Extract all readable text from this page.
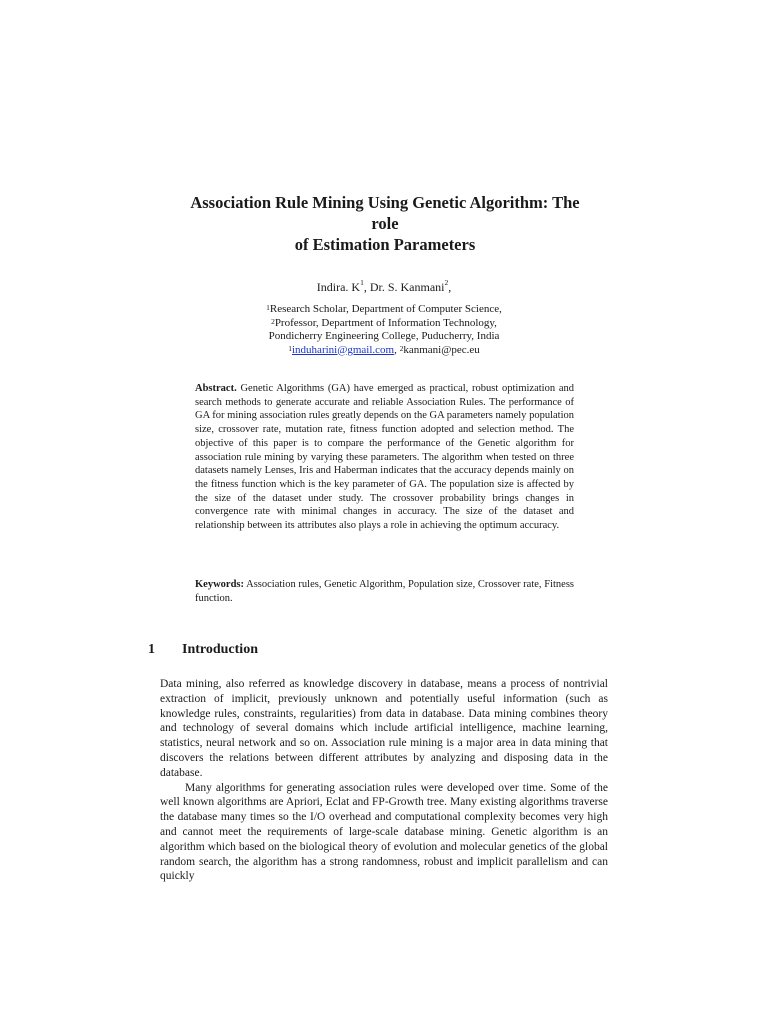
Association Rule Mining Using Genetic Algorithm: The
role
of Estimation Parameters
Indira. $K^1$, Dr. S. Kanmani$^2$,
$^1$Research Scholar, Department of Computer Science,
$^2$Professor, Department of Information Technology,
Pondicherry Engineering College, Puducherry, India
$^1$induharini@gmail.com, $^2$kanmani@pec.eu
Abstract. Genetic Algorithms (GA) have emerged as practical, robust optimization and search methods to generate accurate and reliable Association Rules. The performance of GA for mining association rules greatly depends on the GA parameters namely population size, crossover rate, mutation rate, fitness function adopted and selection method. The objective of this paper is to compare the performance of the Genetic algorithm for association rule mining by varying these parameters. The algorithm when tested on three datasets namely Lenses, Iris and Haberman indicates that the accuracy depends mainly on the fitness function which is the key parameter of GA. The population size is affected by the size of the dataset under study. The crossover probability brings changes in convergence rate with minimal changes in accuracy. The size of the dataset and relationship between its attributes also plays a role in achieving the optimum accuracy.
Keywords: Association rules, Genetic Algorithm, Population size, Crossover rate, Fitness function.
1 Introduction

Data mining, also referred as knowledge discovery in database, means a process of nontrivial extraction of implicit, previously unknown and potentially useful information (such as knowledge rules, constraints, regularities) from data in database. Data mining combines theory and technology of several domains which include artificial intelligence, machine learning, statistics, neural network and so on. Association rule mining is a major area in data mining that discovers the relations between different attributes by analyzing and disposing data in the database.

Many algorithms for generating association rules were developed over time. Some of the well known algorithms are Apriori, Eclat and FP-Growth tree. Many existing algorithms traverse the database many times so the I/O overhead and computational complexity becomes very high and cannot meet the requirements of large-scale database mining. Genetic algorithm is an algorithm which based on the biological theory of evolution and molecular genetics of the global random search, the algorithm has a strong randomness, robust and implicit parallelism and can quickly
